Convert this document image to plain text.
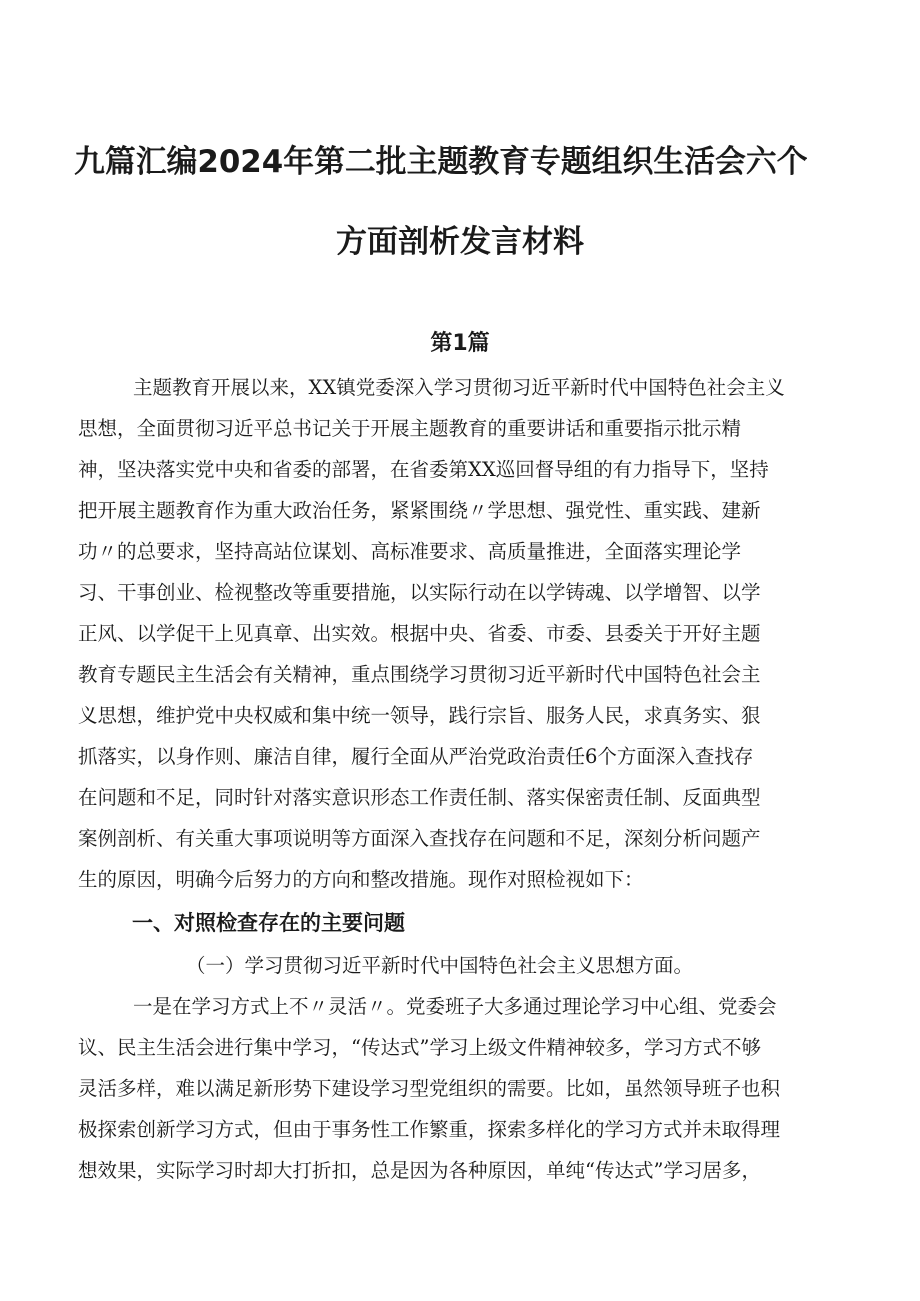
九篇汇编2024年第二批主题教育专题组织生活会六个
方面剖析发言材料
第1篇
主题教育开展以来，XX镇党委深入学习贯彻习近平新时代中国特色社会主义
思想，全面贯彻习近平总书记关于开展主题教育的重要讲话和重要指示批示精
神，坚决落实党中央和省委的部署，在省委第XX巡回督导组的有力指导下，坚持
把开展主题教育作为重大政治任务，紧紧围绕〃学思想、强党性、重实践、建新
功〃的总要求，坚持高站位谋划、高标准要求、高质量推进，全面落实理论学
习、干事创业、检视整改等重要措施，以实际行动在以学铸魂、以学增智、以学
正风、以学促干上见真章、出实效。根据中央、省委、市委、县委关于开好主题
教育专题民主生活会有关精神，重点围绕学习贯彻习近平新时代中国特色社会主
义思想，维护党中央权威和集中统一领导，践行宗旨、服务人民，求真务实、狠
抓落实，以身作则、廉洁自律，履行全面从严治党政治责任6个方面深入查找存
在问题和不足，同时针对落实意识形态工作责任制、落实保密责任制、反面典型
案例剖析、有关重大事项说明等方面深入查找存在问题和不足，深刻分析问题产
生的原因，明确今后努力的方向和整改措施。现作对照检视如下：
一、对照检查存在的主要问题
（一）学习贯彻习近平新时代中国特色社会主义思想方面。
一是在学习方式上不〃灵活〃。党委班子大多通过理论学习中心组、党委会
议、民主生活会进行集中学习，“传达式”学习上级文件精神较多，学习方式不够
灵活多样，难以满足新形势下建设学习型党组织的需要。比如，虽然领导班子也积
极探索创新学习方式，但由于事务性工作繁重，探索多样化的学习方式并未取得理
想效果，实际学习时却大打折扣，总是因为各种原因，单纯“传达式”学习居多，
